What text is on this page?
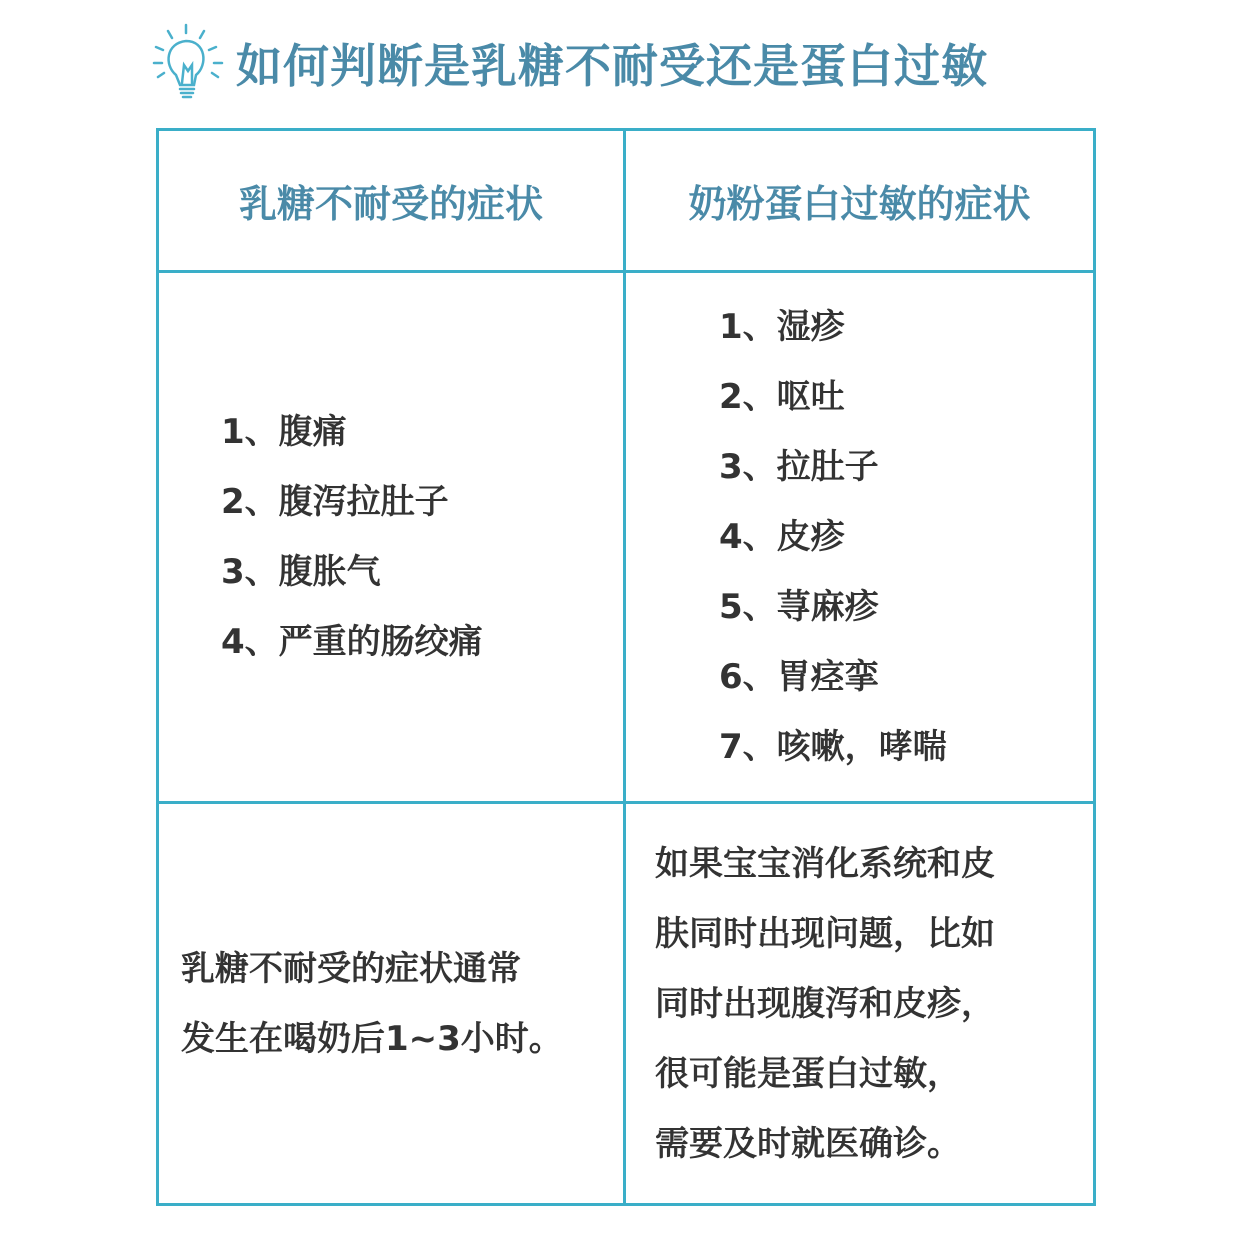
如何判断是乳糖不耐受还是蛋白过敏
乳糖不耐受的症状	奶粉蛋白过敏的症状
1、腹痛
2、腹泻拉肚子
3、腹胀气
4、严重的肠绞痛
1、湿疹
2、呕吐
3、拉肚子
4、皮疹
5、荨麻疹
6、胃痉挛
7、咳嗽，哮喘
乳糖不耐受的症状通常
发生在喝奶后1~3小时。
如果宝宝消化系统和皮
肤同时出现问题，比如
同时出现腹泻和皮疹，
很可能是蛋白过敏，
需要及时就医确诊。
